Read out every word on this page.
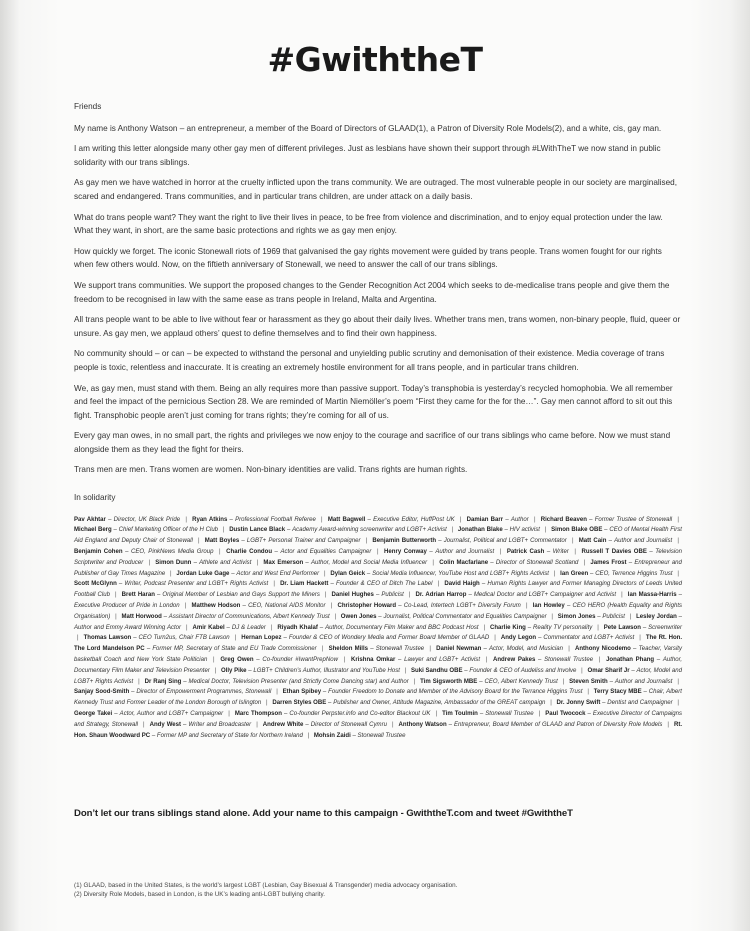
#GwiththeT

Friends

My name is Anthony Watson – an entrepreneur, a member of the Board of Directors of GLAAD(1), a Patron of Diversity Role Models(2), and a white, cis, gay man.

I am writing this letter alongside many other gay men of different privileges. Just as lesbians have shown their support through #LWithTheT we now stand in public solidarity with our trans siblings.

As gay men we have watched in horror at the cruelty inflicted upon the trans community. We are outraged. The most vulnerable people in our society are marginalised, scared and endangered. Trans communities, and in particular trans children, are under attack on a daily basis.

What do trans people want? They want the right to live their lives in peace, to be free from violence and discrimination, and to enjoy equal protection under the law. What they want, in short, are the same basic protections and rights we as gay men enjoy.

How quickly we forget. The iconic Stonewall riots of 1969 that galvanised the gay rights movement were guided by trans people. Trans women fought for our rights when few others would. Now, on the fiftieth anniversary of Stonewall, we need to answer the call of our trans siblings.

We support trans communities. We support the proposed changes to the Gender Recognition Act 2004 which seeks to de-medicalise trans people and give them the freedom to be recognised in law with the same ease as trans people in Ireland, Malta and Argentina.

All trans people want to be able to live without fear or harassment as they go about their daily lives. Whether trans men, trans women, non-binary people, fluid, queer or unsure. As gay men, we applaud others’ quest to define themselves and to find their own happiness.

No community should – or can – be expected to withstand the personal and unyielding public scrutiny and demonisation of their existence. Media coverage of trans people is toxic, relentless and inaccurate. It is creating an extremely hostile environment for all trans people, and in particular trans children.

We, as gay men, must stand with them. Being an ally requires more than passive support. Today’s transphobia is yesterday’s recycled homophobia. We all remember and feel the impact of the pernicious Section 28. We are reminded of Martin Niemöller’s poem “First they came for the for the…”. Gay men cannot afford to sit out this fight. Transphobic people aren’t just coming for trans rights; they’re coming for all of us.

Every gay man owes, in no small part, the rights and privileges we now enjoy to the courage and sacrifice of our trans siblings who came before. Now we must stand alongside them as they lead the fight for theirs.

Trans men are men. Trans women are women. Non-binary identities are valid. Trans rights are human rights.

In solidarity

Pav Akhtar – Director, UK Black Pride | Ryan Atkins – Professional Football Referee | Matt Bagwell – Executive Editor, HuffPost UK | Damian Barr – Author | Richard Beaven – Former Trustee of Stonewall | Michael Berg – Chief Marketing Officer of the H Club | Dustin Lance Black – Academy Award-winning screenwriter and LGBT+ Activist | Jonathan Blake – HIV activist | Simon Blake OBE – CEO of Mental Health First Aid England and Deputy Chair of Stonewall | Matt Boyles – LGBT+ Personal Trainer and Campaigner | Benjamin Butterworth – Journalist, Political and LGBT+ Commentator | Matt Cain – Author and Journalist | Benjamin Cohen – CEO, PinkNews Media Group | Charlie Condou – Actor and Equalities Campaigner | Henry Conway – Author and Journalist | Patrick Cash – Writer | Russell T Davies OBE – Television Scriptwriter and Producer | Simon Dunn – Athlete and Activist | Max Emerson – Author, Model and Social Media Influencer | Colin Macfarlane – Director of Stonewall Scotland | James Frost – Entrepreneur and Publisher of Gay Times Magazine | Jordan Luke Gage – Actor and West End Performer | Dylan Geick – Social Media Influencer, YouTube Host and LGBT+ Rights Activist | Ian Green – CEO, Terrence Higgins Trust | Scott McGlynn – Writer, Podcast Presenter and LGBT+ Rights Activist | Dr. Liam Hackett – Founder & CEO of Ditch The Label | David Haigh – Human Rights Lawyer and Former Managing Directors of Leeds United Football Club | Brett Haran – Original Member of Lesbian and Gays Support the Miners | Daniel Hughes – Publicist | Dr. Adrian Harrop – Medical Doctor and LGBT+ Campaigner and Activist | Ian Massa-Harris – Executive Producer of Pride in London | Matthew Hodson – CEO, National AIDS Monitor | Christopher Howard – Co-Lead, Intertech LGBT+ Diversity Forum | Ian Howley – CEO HERO (Health Equality and Rights Organisation) | Matt Horwood – Assistant Director of Communications, Albert Kennedy Trust | Owen Jones – Journalist, Political Commentator and Equalities Campaigner | Simon Jones – Publicist | Lesley Jordan – Author and Emmy Award Winning Actor | Amir Kabel – DJ & Leader | Riyadh Khalaf – Author, Documentary Film Maker and BBC Podcast Host | Charlie King – Reality TV personality | Pete Lawson – Screenwriter | Thomas Lawson – CEO Turn2us, Chair FTB Lawson | Hernan Lopez – Founder & CEO of Wondery Media and Former Board Member of GLAAD | Andy Legon – Commentator and LGBT+ Activist | The Rt. Hon. The Lord Mandelson PC – Former MP, Secretary of State and EU Trade Commissioner | Sheldon Mills – Stonewall Trustee | Daniel Newman – Actor, Model, and Musician | Anthony Nicodemo – Teacher, Varsity basketball Coach and New York State Politician | Greg Owen – Co-founder #IwantPrepNow | Krishna Omkar – Lawyer and LGBT+ Activist | Andrew Pakes – Stonewall Trustee | Jonathan Phang – Author, Documentary Film Maker and Television Presenter | Olly Pike – LGBT+ Children’s Author, Illustrator and YouTube Host | Suki Sandhu OBE – Founder & CEO of Audeliss and Involve | Omar Sharif Jr – Actor, Model and LGBT+ Rights Activist | Dr Ranj Sing – Medical Doctor, Television Presenter (and Strictly Come Dancing star) and Author | Tim Sigsworth MBE – CEO, Albert Kennedy Trust | Steven Smith – Author and Journalist | Sanjay Sood-Smith – Director of Empowerment Programmes, Stonewall | Ethan Spibey – Founder Freedom to Donate and Member of the Advisory Board for the Terrance Higgins Trust | Terry Stacy MBE – Chair, Albert Kennedy Trust and Former Leader of the London Borough of Islington | Darren Styles OBE – Publisher and Owner, Attitude Magazine, Ambassador of the GREAT campaign | Dr. Jonny Swift – Dentist and Campaigner | George Takei – Actor, Author and LGBT+ Campaigner | Marc Thompson – Co-founder Perpster.info and Co-editor Blackout UK | Tim Toulmin – Stonewall Trustee | Paul Twocock – Executive Director of Campaigns and Strategy, Stonewall | Andy West – Writer and Broadcaster | Andrew White – Director of Stonewall Cymru | Anthony Watson – Entrepreneur, Board Member of GLAAD and Patron of Diversity Role Models | Rt. Hon. Shaun Woodward PC – Former MP and Secretary of State for Northern Ireland | Mohsin Zaidi – Stonewall Trustee

Don’t let our trans siblings stand alone. Add your name to this campaign - GwiththeT.com and tweet #GwiththeT
(1) GLAAD, based in the United States, is the world’s largest LGBT (Lesbian, Gay Bisexual & Transgender) media advocacy organisation.
(2) Diversity Role Models, based in London, is the UK’s leading anti-LGBT bullying charity.
